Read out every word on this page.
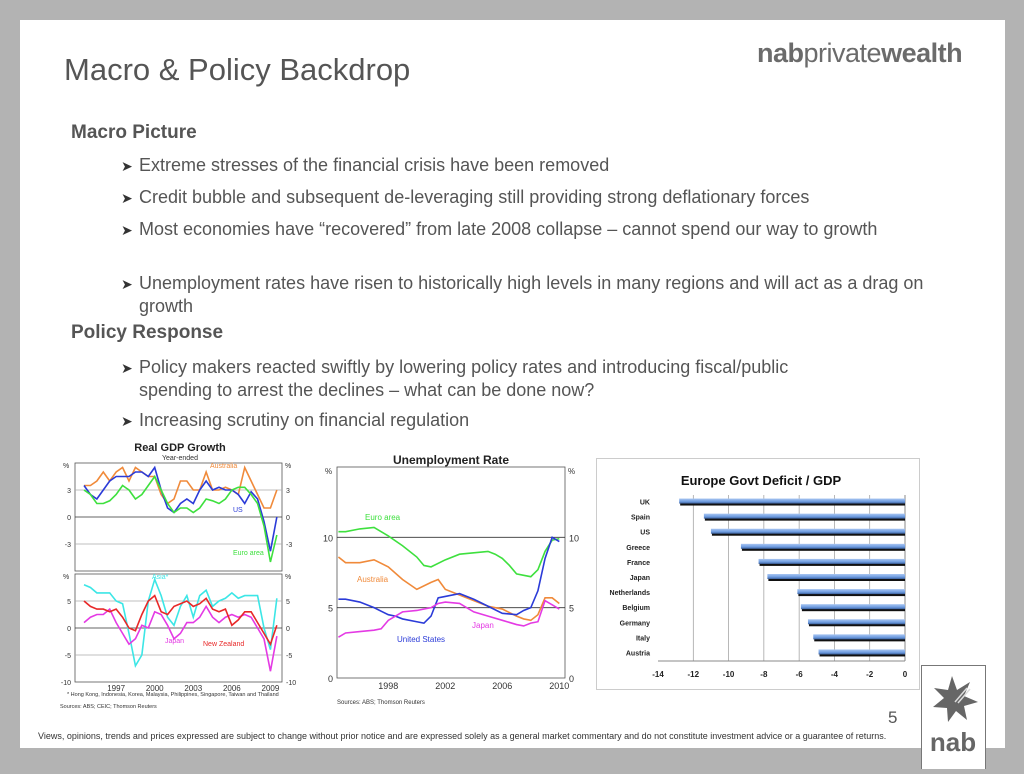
Macro & Policy Backdrop	nabprivatewealth
Macro Picture
➤ Extreme stresses of the financial crisis have been removed
➤ Credit bubble and subsequent de-leveraging still providing strong deflationary forces
➤ Most economies have “recovered” from late 2008 collapse – cannot spend our way to growth
➤ Unemployment rates have risen to historically high levels in many regions and will act as a drag on growth
Policy Response
➤ Policy makers reacted swiftly by lowering policy rates and introducing fiscal/public spending to arrest the declines – what can be done now?
➤ Increasing scrutiny on financial regulation
Real GDP Growth
Year-ended
%	%
3	3
0	0
-3	-3
%	%
5	5
0	0
-5	-5
-10	-10
Australia
US
Euro area
Asia*
Japan	New Zealand
1997	2000	2003	2006	2009
* Hong Kong, Indonesia, Korea, Malaysia, Philippines, Singapore, Taiwan and Thailand
Sources: ABS; CEIC; Thomson Reuters
Unemployment Rate
%	%
10	10
5	5
0	0
Euro area
Australia
United States
Japan
1998	2002	2006	2010
Sources: ABS; Thomson Reuters
Europe Govt Deficit / GDP
-14	-12	-10	-8	-6	-4	-2	0
UK
Spain
US
Greece
France
Japan
Netherlands
Belgium
Germany
Italy
Austria
5
Views, opinions, trends and prices expressed are subject to change without prior notice and are expressed solely as a general market commentary and do not constitute investment advice or a guarantee of returns. nab
